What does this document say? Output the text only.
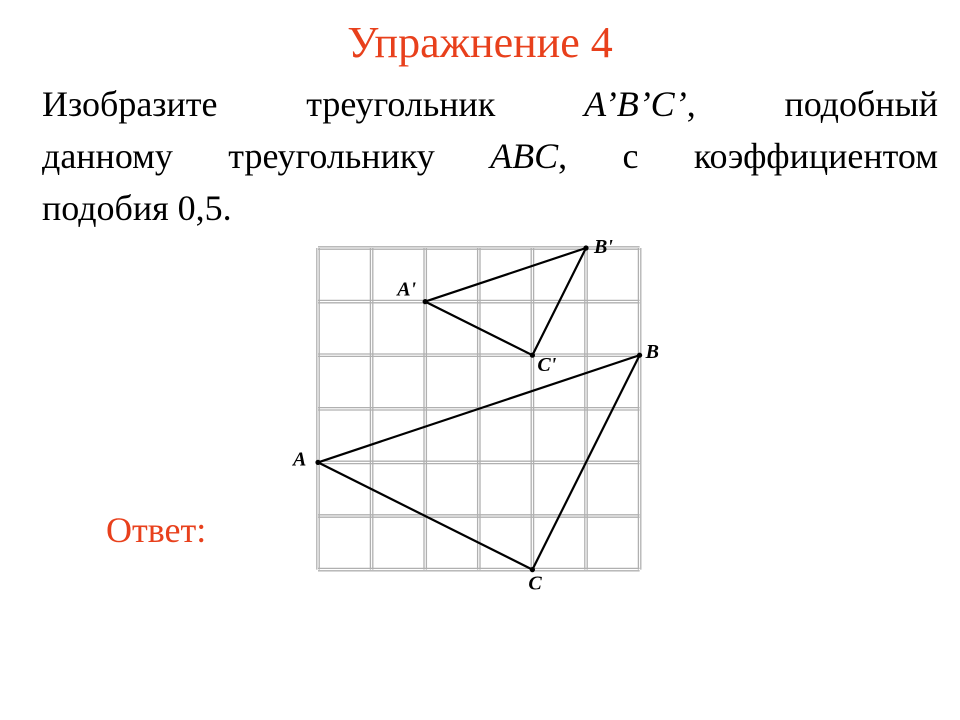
Упражнение 4
Изобразите треугольник A’B’C’, подобный
данному треугольнику ABC, с коэффициентом
подобия 0,5.
Ответ:
A
B
C
A'
B'
C'
